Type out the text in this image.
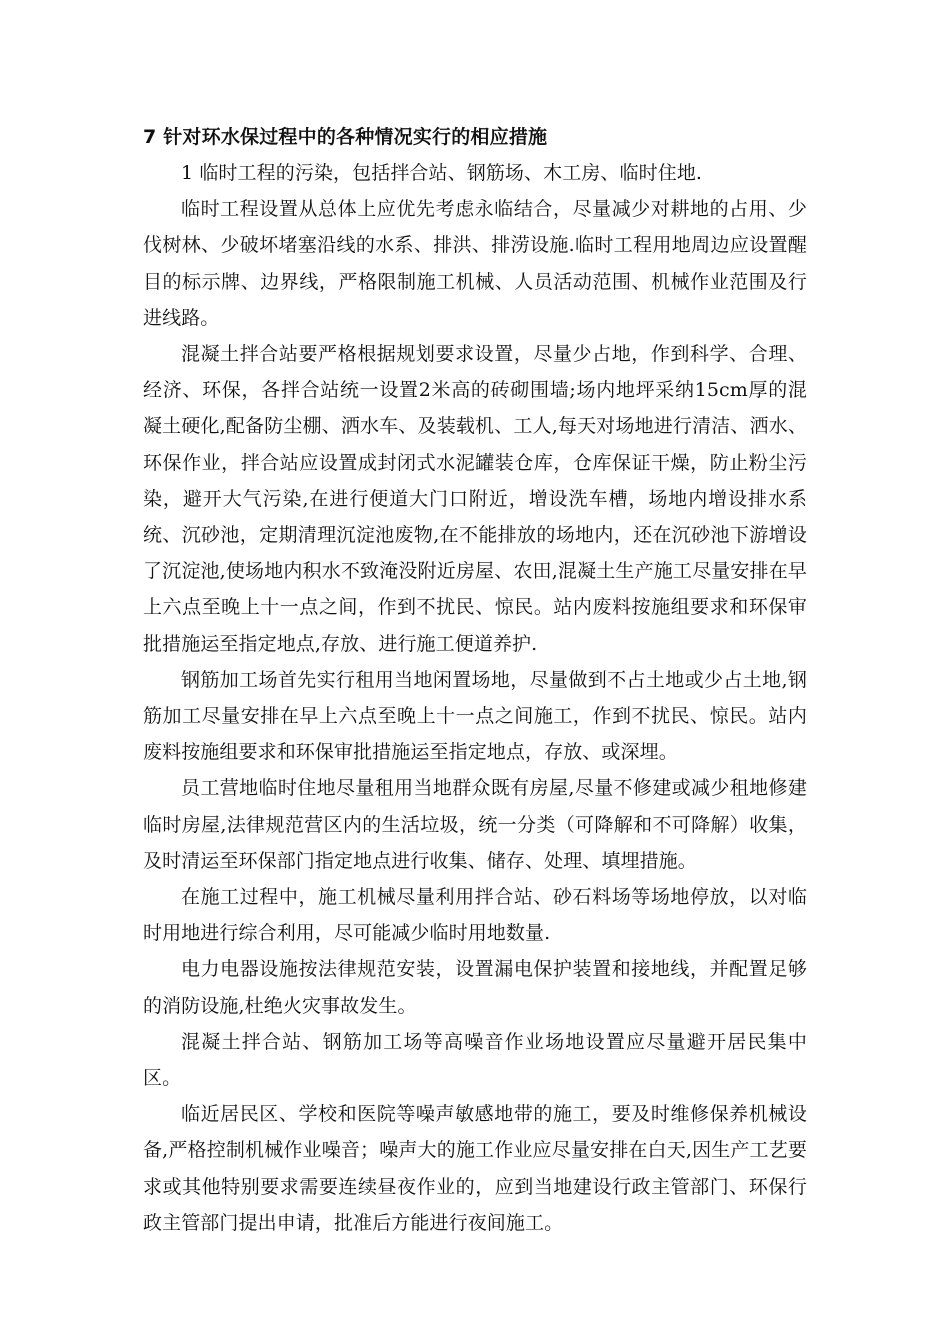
7 针对环水保过程中的各种情况实行的相应措施

1 临时工程的污染，包括拌合站、钢筋场、木工房、临时住地.

临时工程设置从总体上应优先考虑永临结合，尽量减少对耕地的占用、少伐树林、少破坏堵塞沿线的水系、排洪、排涝设施.临时工程用地周边应设置醒目的标示牌、边界线，严格限制施工机械、人员活动范围、机械作业范围及行进线路。

混凝土拌合站要严格根据规划要求设置，尽量少占地，作到科学、合理、经济、环保，各拌合站统一设置2米高的砖砌围墙;场内地坪采纳15cm厚的混凝土硬化,配备防尘棚、洒水车、及装载机、工人,每天对场地进行清洁、洒水、环保作业，拌合站应设置成封闭式水泥罐装仓库，仓库保证干燥，防止粉尘污染，避开大气污染,在进行便道大门口附近，增设洗车槽，场地内增设排水系统、沉砂池，定期清理沉淀池废物,在不能排放的场地内，还在沉砂池下游增设了沉淀池,使场地内积水不致淹没附近房屋、农田,混凝土生产施工尽量安排在早上六点至晚上十一点之间，作到不扰民、惊民。站内废料按施组要求和环保审批措施运至指定地点,存放、进行施工便道养护.

钢筋加工场首先实行租用当地闲置场地，尽量做到不占土地或少占土地,钢筋加工尽量安排在早上六点至晚上十一点之间施工，作到不扰民、惊民。站内废料按施组要求和环保审批措施运至指定地点，存放、或深埋。

员工营地临时住地尽量租用当地群众既有房屋,尽量不修建或减少租地修建临时房屋,法律规范营区内的生活垃圾，统一分类（可降解和不可降解）收集，及时清运至环保部门指定地点进行收集、储存、处理、填埋措施。

在施工过程中，施工机械尽量利用拌合站、砂石料场等场地停放，以对临时用地进行综合利用，尽可能减少临时用地数量.

电力电器设施按法律规范安装，设置漏电保护装置和接地线，并配置足够的消防设施,杜绝火灾事故发生。

混凝土拌合站、钢筋加工场等高噪音作业场地设置应尽量避开居民集中区。

临近居民区、学校和医院等噪声敏感地带的施工，要及时维修保养机械设备,严格控制机械作业噪音；噪声大的施工作业应尽量安排在白天,因生产工艺要求或其他特别要求需要连续昼夜作业的，应到当地建设行政主管部门、环保行政主管部门提出申请，批准后方能进行夜间施工。
